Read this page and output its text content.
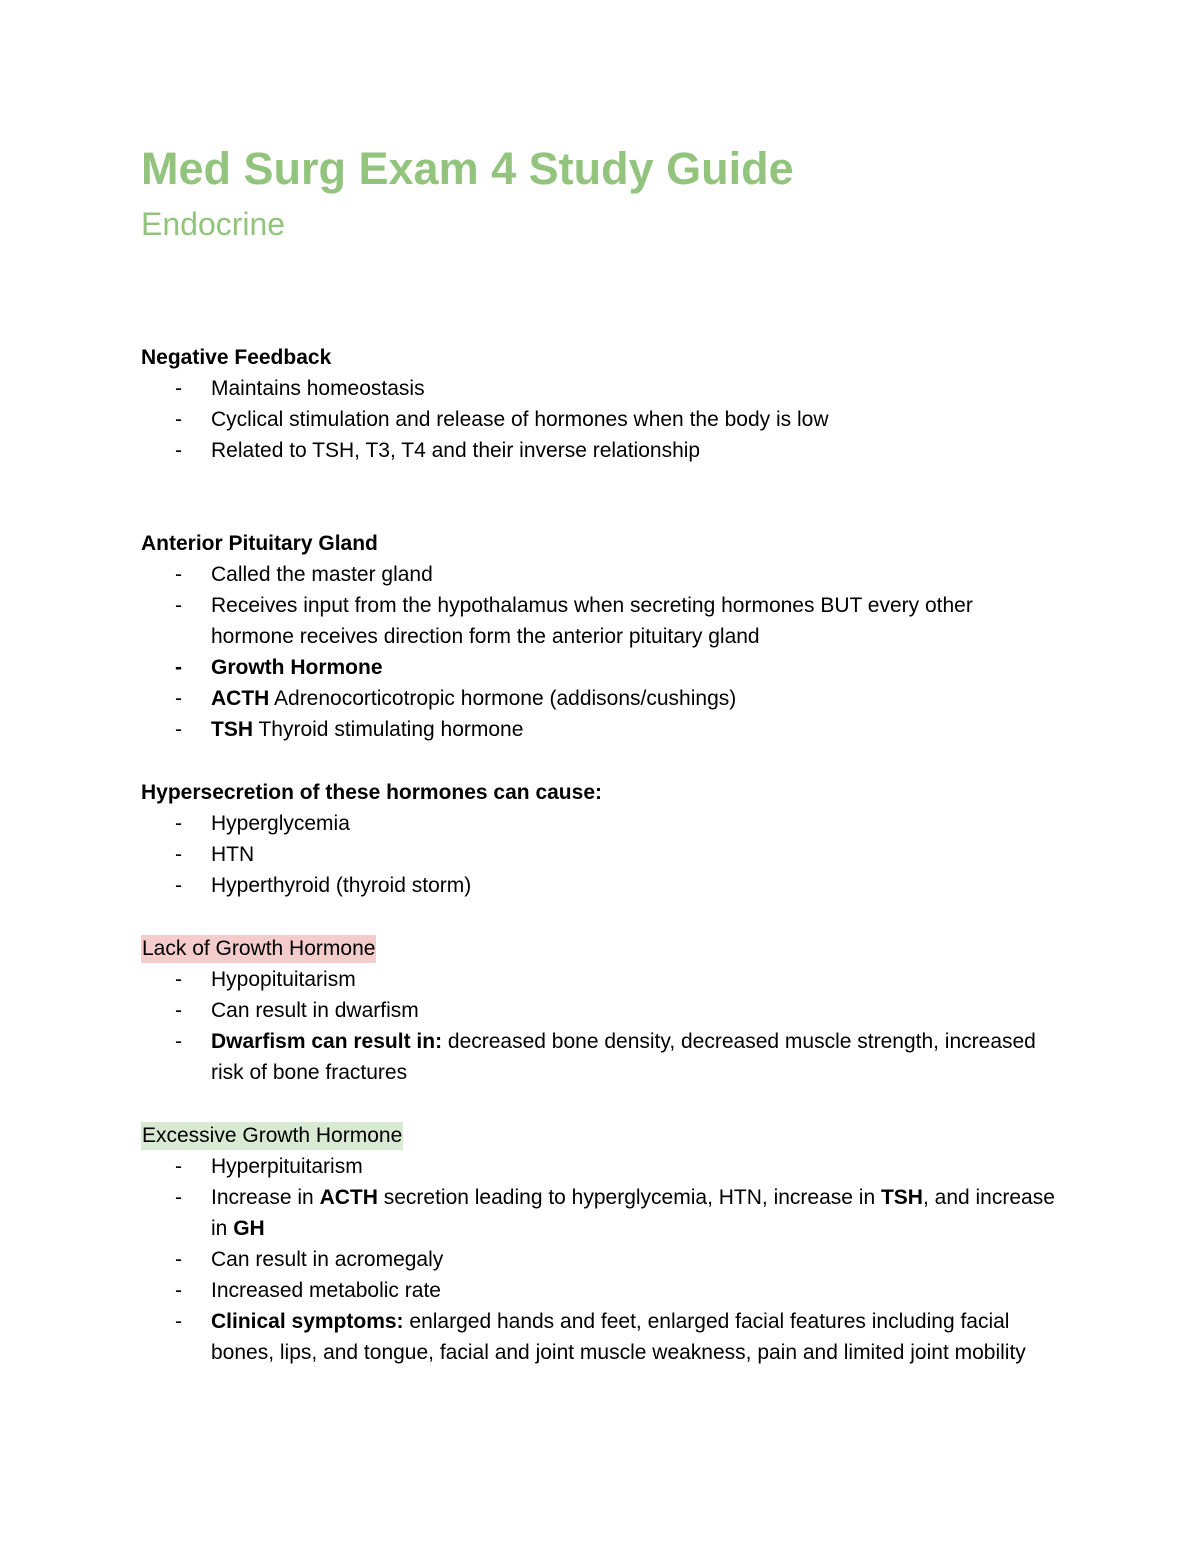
Med Surg Exam 4 Study Guide
Endocrine
Negative Feedback
- Maintains homeostasis
- Cyclical stimulation and release of hormones when the body is low
- Related to TSH, T3, T4 and their inverse relationship
Anterior Pituitary Gland
- Called the master gland
- Receives input from the hypothalamus when secreting hormones BUT every other hormone receives direction form the anterior pituitary gland
- Growth Hormone
- ACTH Adrenocorticotropic hormone (addisons/cushings)
- TSH Thyroid stimulating hormone
Hypersecretion of these hormones can cause:
- Hyperglycemia
- HTN
- Hyperthyroid (thyroid storm)
Lack of Growth Hormone
- Hypopituitarism
- Can result in dwarfism
- Dwarfism can result in: decreased bone density, decreased muscle strength, increased risk of bone fractures
Excessive Growth Hormone
- Hyperpituitarism
- Increase in ACTH secretion leading to hyperglycemia, HTN, increase in TSH, and increase in GH
- Can result in acromegaly
- Increased metabolic rate
- Clinical symptoms: enlarged hands and feet, enlarged facial features including facial bones, lips, and tongue, facial and joint muscle weakness, pain and limited joint mobility
